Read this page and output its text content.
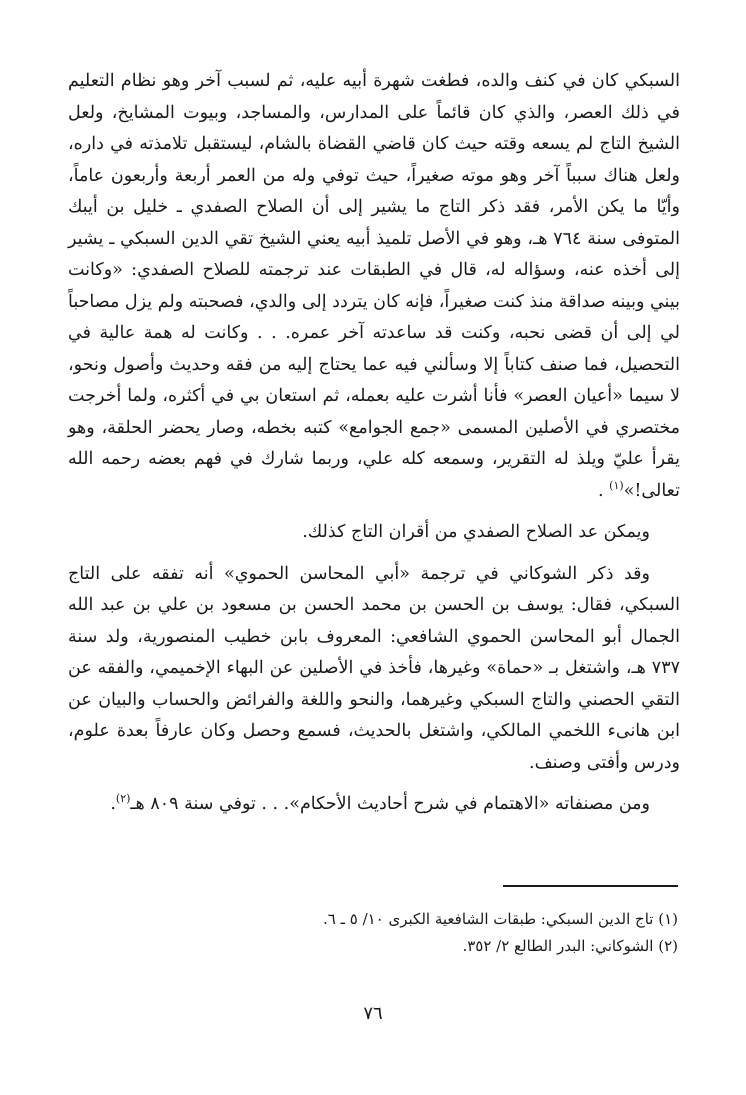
السبكي كان في كنف والده، فطغت شهرة أبيه عليه، ثم لسبب آخر وهو نظام التعليم في ذلك العصر، والذي كان قائماً على المدارس، والمساجد، وبيوت المشايخ، ولعل الشيخ التاج لم يسعه وقته حيث كان قاضي القضاة بالشام، ليستقبل تلامذته في داره، ولعل هناك سبباً آخر وهو موته صغيراً، حيث توفي وله من العمر أربعة وأربعون عاماً، وأيّا ما يكن الأمر، فقد ذكر التاج ما يشير إلى أن الصلاح الصفدي ـ خليل بن أيبك المتوفى سنة ٧٦٤ هـ، وهو في الأصل تلميذ أبيه يعني الشيخ تقي الدين السبكي ـ يشير إلى أخذه عنه، وسؤاله له، قال في الطبقات عند ترجمته للصلاح الصفدي: «وكانت بيني وبينه صداقة منذ كنت صغيراً، فإنه كان يتردد إلى والدي، فصحبته ولم يزل مصاحباً لي إلى أن قضى نحبه، وكنت قد ساعدته آخر عمره. . . وكانت له همة عالية في التحصيل، فما صنف كتاباً إلا وسألني فيه عما يحتاج إليه من فقه وحديث وأصول ونحو، لا سيما «أعيان العصر» فأنا أشرت عليه بعمله، ثم استعان بي في أكثره، ولما أخرجت مختصري في الأصلين المسمى «جمع الجوامع» كتبه بخطه، وصار يحضر الحلقة، وهو يقرأ عليّ ويلذ له التقرير، وسمعه كله علي، وربما شارك في فهم بعضه رحمه الله تعالى!»$^{(١)}$ .

ويمكن عد الصلاح الصفدي من أقران التاج كذلك.

وقد ذكر الشوكاني في ترجمة «أبي المحاسن الحموي» أنه تفقه على التاج السبكي، فقال: يوسف بن الحسن بن محمد الحسن بن مسعود بن علي بن عبد الله الجمال أبو المحاسن الحموي الشافعي: المعروف بابن خطيب المنصورية، ولد سنة ٧٣٧ هـ، واشتغل بـ «حماة» وغيرها، فأخذ في الأصلين عن البهاء الإخميمي، والفقه عن التقي الحصني والتاج السبكي وغيرهما، والنحو واللغة والفرائض والحساب والبيان عن ابن هانىء اللخمي المالكي، واشتغل بالحديث، فسمع وحصل وكان عارفاً بعدة علوم، ودرس وأفتى وصنف.

ومن مصنفاته «الاهتمام في شرح أحاديث الأحكام». . . توفي سنة ٨٠٩ هـ$^{(٢)}$.

(١) تاج الدين السبكي: طبقات الشافعية الكبرى ١٠/ ٥ ـ ٦.

(٢) الشوكاني: البدر الطالع ٢/ ٣٥٢.

٧٦
